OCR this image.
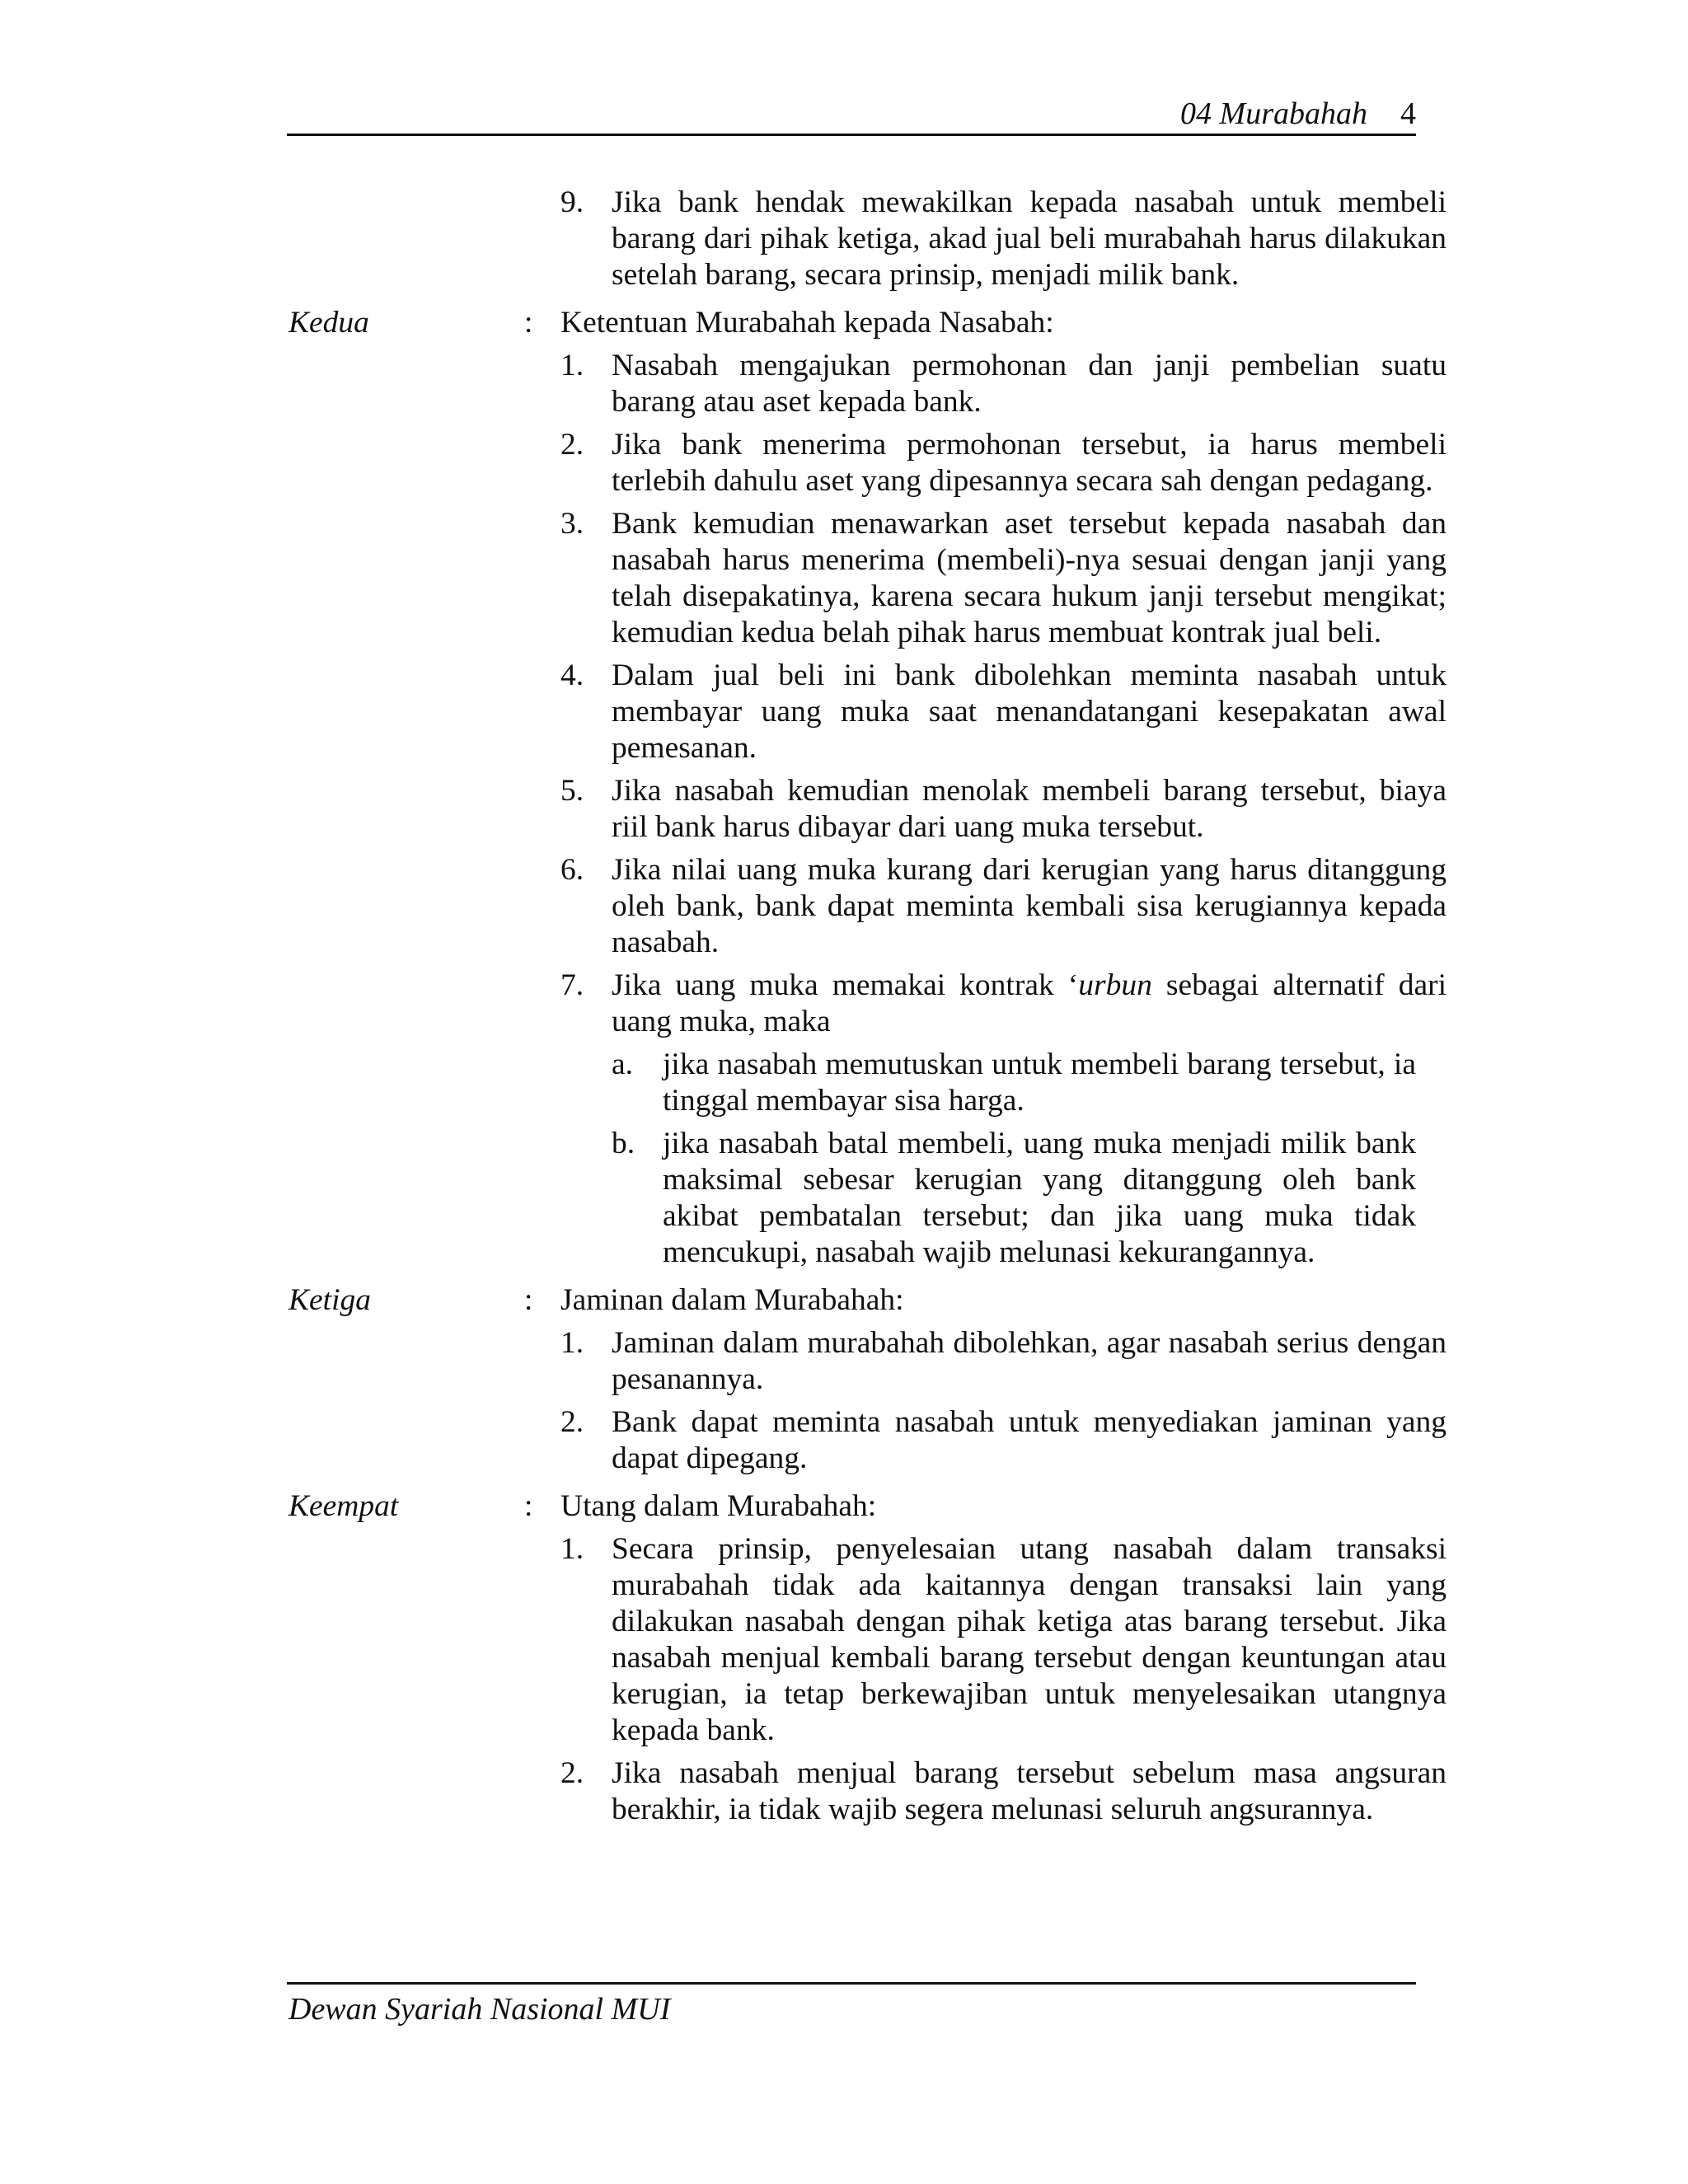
04 Murabahah 4
9. Jika bank hendak mewakilkan kepada nasabah untuk membeli barang dari pihak ketiga, akad jual beli murabahah harus dilakukan setelah barang, secara prinsip, menjadi milik bank.
Kedua	: Ketentuan Murabahah kepada Nasabah:
1. Nasabah mengajukan permohonan dan janji pembelian suatu barang atau aset kepada bank.
2. Jika bank menerima permohonan tersebut, ia harus membeli terlebih dahulu aset yang dipesannya secara sah dengan pedagang.
3. Bank kemudian menawarkan aset tersebut kepada nasabah dan nasabah harus menerima (membeli)-nya sesuai dengan janji yang telah disepakatinya, karena secara hukum janji tersebut mengikat; kemudian kedua belah pihak harus membuat kontrak jual beli.
4. Dalam jual beli ini bank dibolehkan meminta nasabah untuk membayar uang muka saat menandatangani kesepakatan awal pemesanan.
5. Jika nasabah kemudian menolak membeli barang tersebut, biaya riil bank harus dibayar dari uang muka tersebut.
6. Jika nilai uang muka kurang dari kerugian yang harus ditanggung oleh bank, bank dapat meminta kembali sisa kerugiannya kepada nasabah.
7. Jika uang muka memakai kontrak ‘urbun sebagai alternatif dari uang muka, maka
a. jika nasabah memutuskan untuk membeli barang tersebut, ia tinggal membayar sisa harga.
b. jika nasabah batal membeli, uang muka menjadi milik bank maksimal sebesar kerugian yang ditanggung oleh bank akibat pembatalan tersebut; dan jika uang muka tidak mencukupi, nasabah wajib melunasi kekurangannya.
Ketiga	: Jaminan dalam Murabahah:
1. Jaminan dalam murabahah dibolehkan, agar nasabah serius dengan pesanannya.
2. Bank dapat meminta nasabah untuk menyediakan jaminan yang dapat dipegang.
Keempat	: Utang dalam Murabahah:
1. Secara prinsip, penyelesaian utang nasabah dalam transaksi murabahah tidak ada kaitannya dengan transaksi lain yang dilakukan nasabah dengan pihak ketiga atas barang tersebut. Jika nasabah menjual kembali barang tersebut dengan keuntungan atau kerugian, ia tetap berkewajiban untuk menyelesaikan utangnya kepada bank.
2. Jika nasabah menjual barang tersebut sebelum masa angsuran berakhir, ia tidak wajib segera melunasi seluruh angsurannya.
Dewan Syariah Nasional MUI
